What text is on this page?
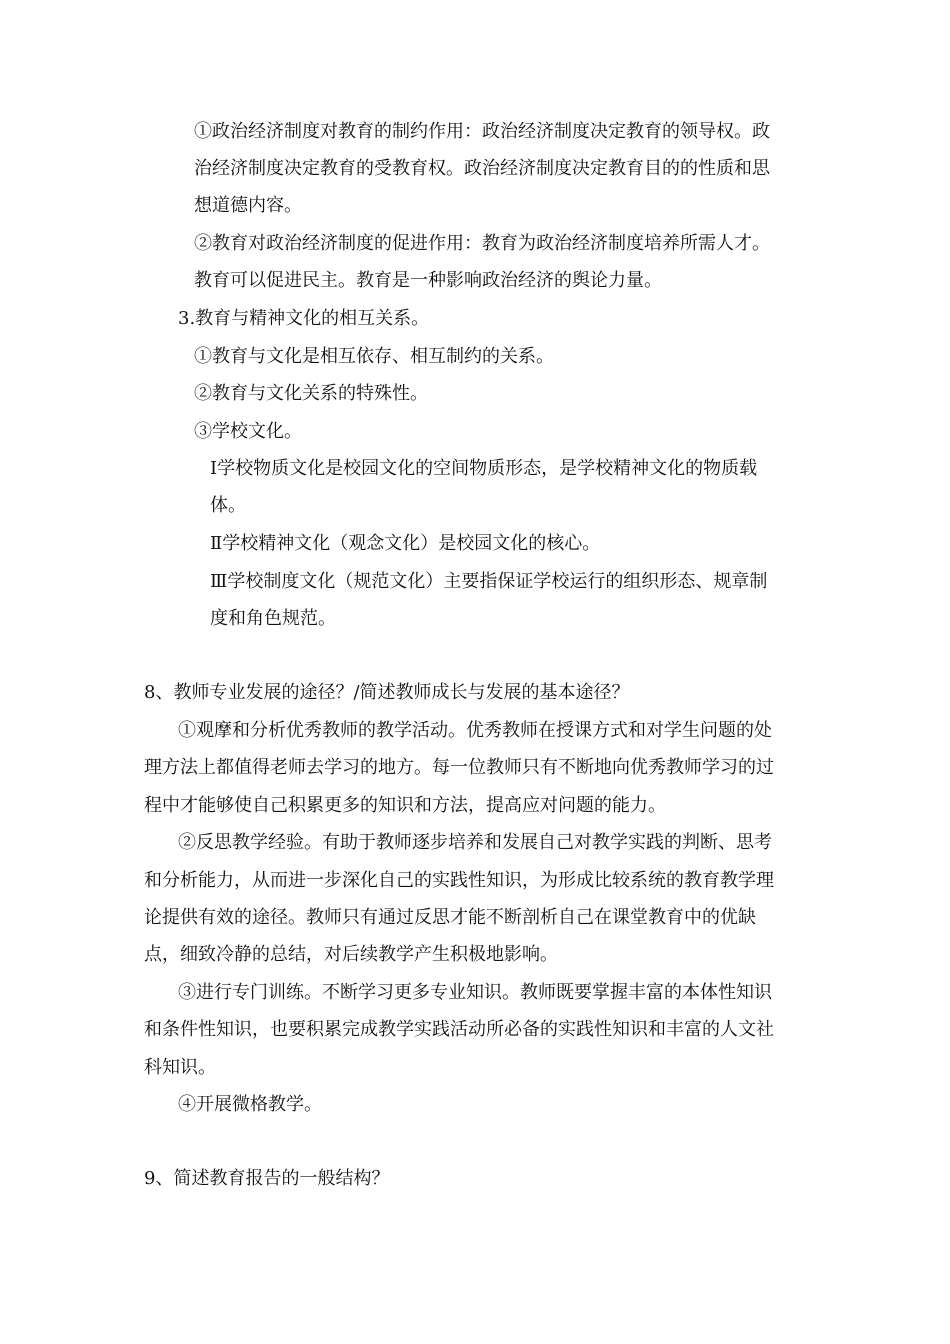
①政治经济制度对教育的制约作用：政治经济制度决定教育的领导权。政
治经济制度决定教育的受教育权。政治经济制度决定教育目的的性质和思
想道德内容。
②教育对政治经济制度的促进作用：教育为政治经济制度培养所需人才。
教育可以促进民主。教育是一种影响政治经济的舆论力量。
3.教育与精神文化的相互关系。
①教育与文化是相互依存、相互制约的关系。
②教育与文化关系的特殊性。
③学校文化。
Ⅰ学校物质文化是校园文化的空间物质形态，是学校精神文化的物质载
体。
Ⅱ学校精神文化（观念文化）是校园文化的核心。
Ⅲ学校制度文化（规范文化）主要指保证学校运行的组织形态、规章制
度和角色规范。
8、教师专业发展的途径？/简述教师成长与发展的基本途径？
①观摩和分析优秀教师的教学活动。优秀教师在授课方式和对学生问题的处
理方法上都值得老师去学习的地方。每一位教师只有不断地向优秀教师学习的过
程中才能够使自己积累更多的知识和方法，提高应对问题的能力。
②反思教学经验。有助于教师逐步培养和发展自己对教学实践的判断、思考
和分析能力，从而进一步深化自己的实践性知识，为形成比较系统的教育教学理
论提供有效的途径。教师只有通过反思才能不断剖析自己在课堂教育中的优缺
点，细致冷静的总结，对后续教学产生积极地影响。
③进行专门训练。不断学习更多专业知识。教师既要掌握丰富的本体性知识
和条件性知识，也要积累完成教学实践活动所必备的实践性知识和丰富的人文社
科知识。
④开展微格教学。
9、简述教育报告的一般结构？
